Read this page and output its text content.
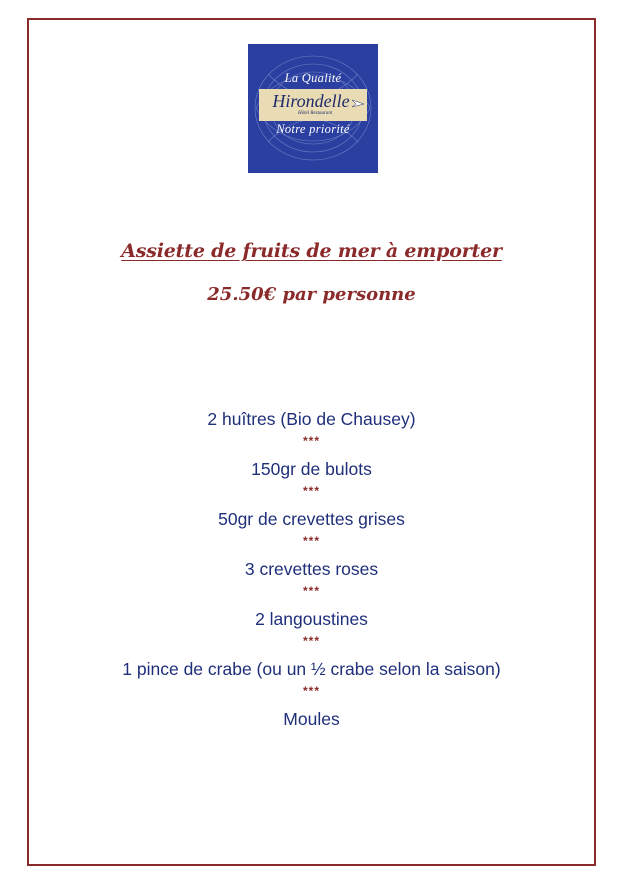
La Qualité
Hirondelle
Hôtel Restaurant
Notre priorité
Assiette de fruits de mer à emporter
25.50€ par personne
2 huîtres (Bio de Chausey)
***
150gr de bulots
***
50gr de crevettes grises
***
3 crevettes roses
***
2 langoustines
***
1 pince de crabe (ou un ½ crabe selon la saison)
***
Moules
